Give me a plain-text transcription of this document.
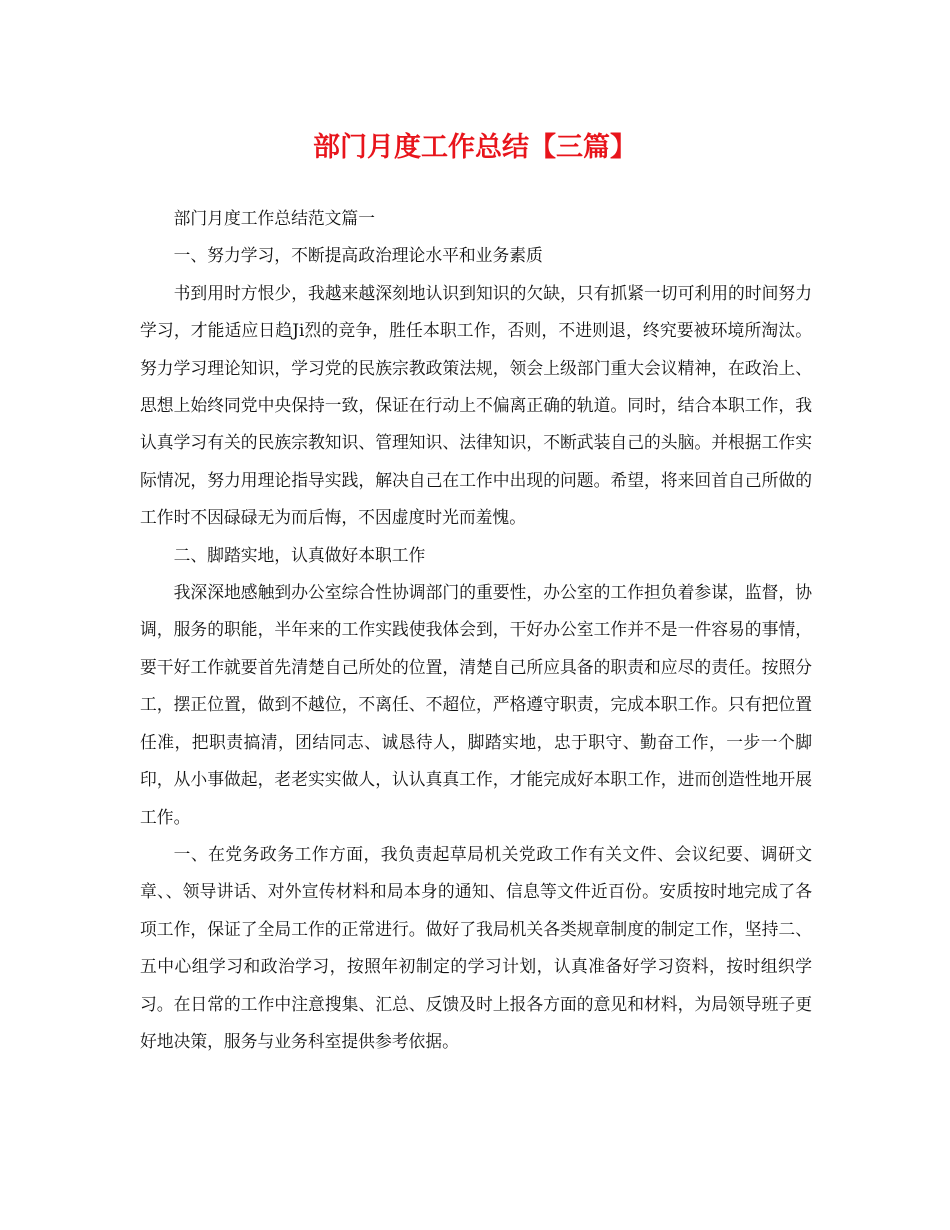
部门月度工作总结【三篇】

部门月度工作总结范文篇一

一、努力学习，不断提高政治理论水平和业务素质

书到用时方恨少，我越来越深刻地认识到知识的欠缺，只有抓紧一切可利用的时间努力学习，才能适应日趋Ji烈的竞争，胜任本职工作，否则，不进则退，终究要被环境所淘汰。努力学习理论知识，学习党的民族宗教政策法规，领会上级部门重大会议精神，在政治上、思想上始终同党中央保持一致，保证在行动上不偏离正确的轨道。同时，结合本职工作，我认真学习有关的民族宗教知识、管理知识、法律知识，不断武装自己的头脑。并根据工作实际情况，努力用理论指导实践，解决自己在工作中出现的问题。希望，将来回首自己所做的工作时不因碌碌无为而后悔，不因虚度时光而羞愧。

二、脚踏实地，认真做好本职工作

我深深地感触到办公室综合性协调部门的重要性，办公室的工作担负着参谋，监督，协调，服务的职能，半年来的工作实践使我体会到，干好办公室工作并不是一件容易的事情，要干好工作就要首先清楚自己所处的位置，清楚自己所应具备的职责和应尽的责任。按照分工，摆正位置，做到不越位，不离任、不超位，严格遵守职责，完成本职工作。只有把位置任准，把职责搞清，团结同志、诚恳待人，脚踏实地，忠于职守、勤奋工作，一步一个脚印，从小事做起，老老实实做人，认认真真工作，才能完成好本职工作，进而创造性地开展工作。

一、在党务政务工作方面，我负责起草局机关党政工作有关文件、会议纪要、调研文章、、领导讲话、对外宣传材料和局本身的通知、信息等文件近百份。安质按时地完成了各项工作，保证了全局工作的正常进行。做好了我局机关各类规章制度的制定工作，坚持二、五中心组学习和政治学习，按照年初制定的学习计划，认真准备好学习资料，按时组织学习。在日常的工作中注意搜集、汇总、反馈及时上报各方面的意见和材料，为局领导班子更好地决策，服务与业务科室提供参考依据。
